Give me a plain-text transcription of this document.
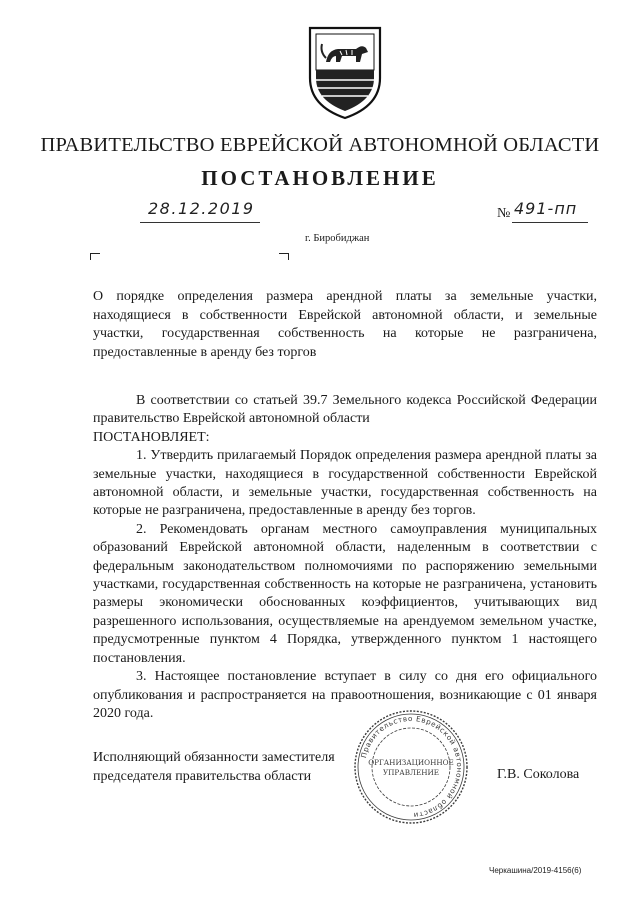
ПРАВИТЕЛЬСТВО ЕВРЕЙСКОЙ АВТОНОМНОЙ ОБЛАСТИ
ПОСТАНОВЛЕНИЕ
28.12.2019	№ 491-пп
г. Биробиджан
О порядке определения размера арендной платы за земельные участки, находящиеся в собственности Еврейской автономной области, и земельные участки, государственная собственность на которые не разграничена, предоставленные в аренду без торгов

В соответствии со статьей 39.7 Земельного кодекса Российской Федерации правительство Еврейской автономной области

ПОСТАНОВЛЯЕТ:

1. Утвердить прилагаемый Порядок определения размера арендной платы за земельные участки, находящиеся в государственной собственности Еврейской автономной области, и земельные участки, государственная собственность на которые не разграничена, предоставленные в аренду без торгов.

2. Рекомендовать органам местного самоуправления муниципальных образований Еврейской автономной области, наделенным в соответствии с федеральным законодательством полномочиями по распоряжению земельными участками, государственная собственность на которые не разграничена, установить размеры экономически обоснованных коэффициентов, учитывающих вид разрешенного использования, осуществляемые на арендуемом земельном участке, предусмотренные пунктом 4 Порядка, утвержденного пунктом 1 настоящего постановления.

3. Настоящее постановление вступает в силу со дня его официального опубликования и распространяется на правоотношения, возникающие с 01 января 2020 года.

Исполняющий обязанности заместителя
председателя правительства области	Г.В. Соколова
Правительство Еврейской автономной области
ОРГАНИЗАЦИОННОЕ
УПРАВЛЕНИЕ
Черкашина/2019-4156(6)
